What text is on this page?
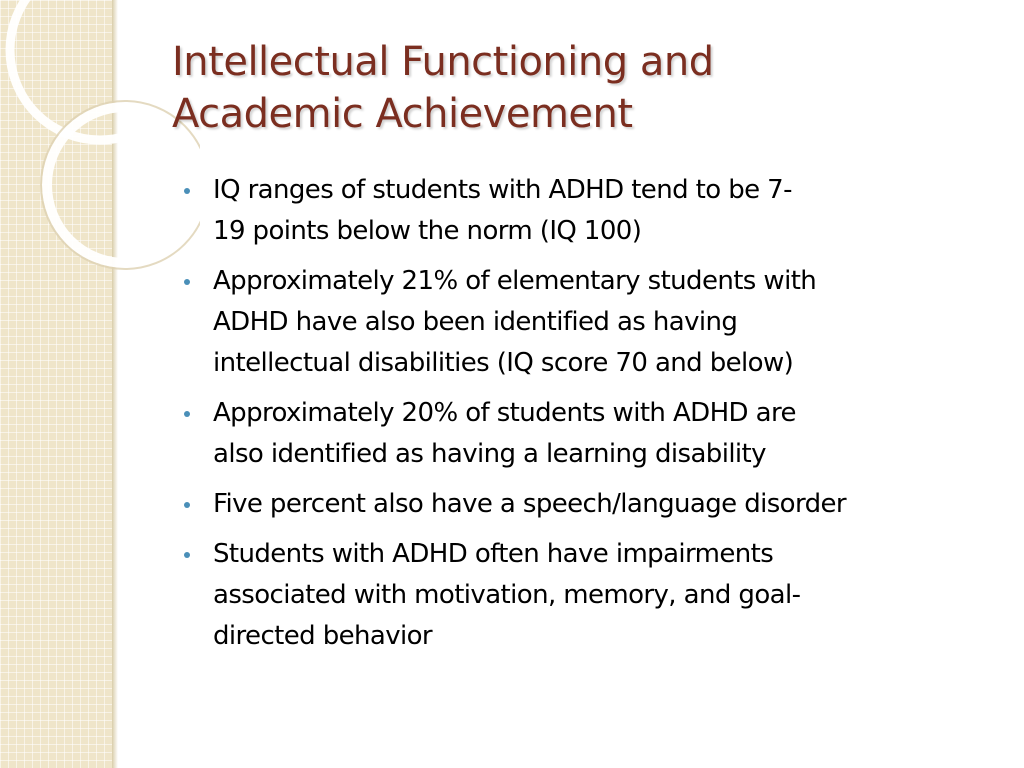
Intellectual Functioning and
Academic Achievement
IQ ranges of students with ADHD tend to be 7-
19 points below the norm (IQ 100)
Approximately 21% of elementary students with
ADHD have also been identified as having
intellectual disabilities (IQ score 70 and below)
Approximately 20% of students with ADHD are
also identified as having a learning disability
Five percent also have a speech/language disorder
Students with ADHD often have impairments
associated with motivation, memory, and goal-
directed behavior
